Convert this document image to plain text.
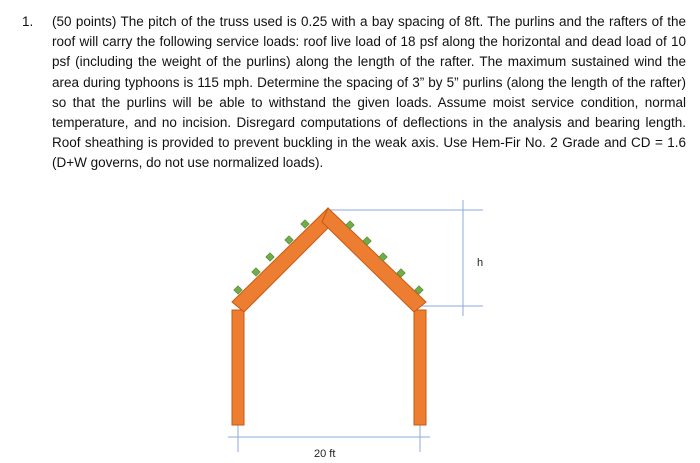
1.	(50 points) The pitch of the truss used is 0.25 with a bay spacing of 8ft. The purlins and the rafters of the roof will carry the following service loads: roof live load of 18 psf along the horizontal and dead load of 10 psf (including the weight of the purlins) along the length of the rafter. The maximum sustained wind the area during typhoons is 115 mph. Determine the spacing of 3” by 5” purlins (along the length of the rafter) so that the purlins will be able to withstand the given loads. Assume moist service condition, normal temperature, and no incision. Disregard computations of deflections in the analysis and bearing length. Roof sheathing is provided to prevent buckling in the weak axis. Use Hem-Fir No. 2 Grade and CD = 1.6 (D+W governs, do not use normalized loads).
h
20 ft
